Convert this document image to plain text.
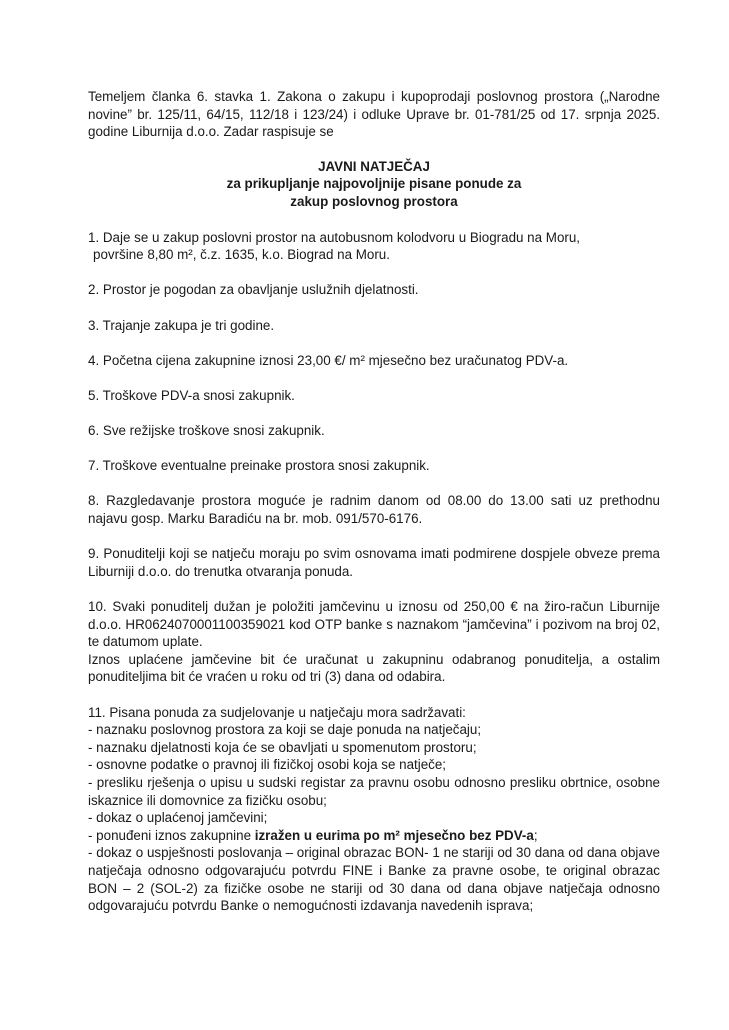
Temeljem članka 6. stavka 1. Zakona o zakupu i kupoprodaji poslovnog prostora („Narodne novine” br. 125/11, 64/15, 112/18 i 123/24) i odluke Uprave br. 01-781/25 od 17. srpnja 2025. godine Liburnija d.o.o. Zadar raspisuje se

JAVNI NATJEČAJ
za prikupljanje najpovoljnije pisane ponude za
zakup poslovnog prostora
1. Daje se u zakup poslovni prostor na autobusnom kolodvoru u Biogradu na Moru,
površine 8,80 m², č.z. 1635, k.o. Biograd na Moru.
2. Prostor je pogodan za obavljanje uslužnih djelatnosti.
3. Trajanje zakupa je tri godine.
4. Početna cijena zakupnine iznosi 23,00 €/ m² mjesečno bez uračunatog PDV-a.
5. Troškove PDV-a snosi zakupnik.
6. Sve režijske troškove snosi zakupnik.
7. Troškove eventualne preinake prostora snosi zakupnik.
8. Razgledavanje prostora moguće je radnim danom od 08.00 do 13.00 sati uz prethodnu najavu gosp. Marku Baradiću na br. mob. 091/570-6176.
9. Ponuditelji koji se natječu moraju po svim osnovama imati podmirene dospjele obveze prema Liburniji d.o.o. do trenutka otvaranja ponuda.
10. Svaki ponuditelj dužan je položiti jamčevinu u iznosu od 250,00 € na žiro-račun Liburnije d.o.o. HR0624070001100359021 kod OTP banke s naznakom “jamčevina” i pozivom na broj 02, te datumom uplate.
Iznos uplaćene jamčevine bit će uračunat u zakupninu odabranog ponuditelja, a ostalim ponuditeljima bit će vraćen u roku od tri (3) dana od odabira.
11. Pisana ponuda za sudjelovanje u natječaju mora sadržavati:
- naznaku poslovnog prostora za koji se daje ponuda na natječaju;
- naznaku djelatnosti koja će se obavljati u spomenutom prostoru;
- osnovne podatke o pravnoj ili fizičkoj osobi koja se natječe;
- presliku rješenja o upisu u sudski registar za pravnu osobu odnosno presliku obrtnice, osobne iskaznice ili domovnice za fizičku osobu;
- dokaz o uplaćenoj jamčevini;
- ponuđeni iznos zakupnine izražen u eurima po m² mjesečno bez PDV-a;
- dokaz o uspješnosti poslovanja – original obrazac BON- 1 ne stariji od 30 dana od dana objave natječaja odnosno odgovarajuću potvrdu FINE i Banke za pravne osobe, te original obrazac BON – 2 (SOL-2) za fizičke osobe ne stariji od 30 dana od dana objave natječaja odnosno odgovarajuću potvrdu Banke o nemogućnosti izdavanja navedenih isprava;
